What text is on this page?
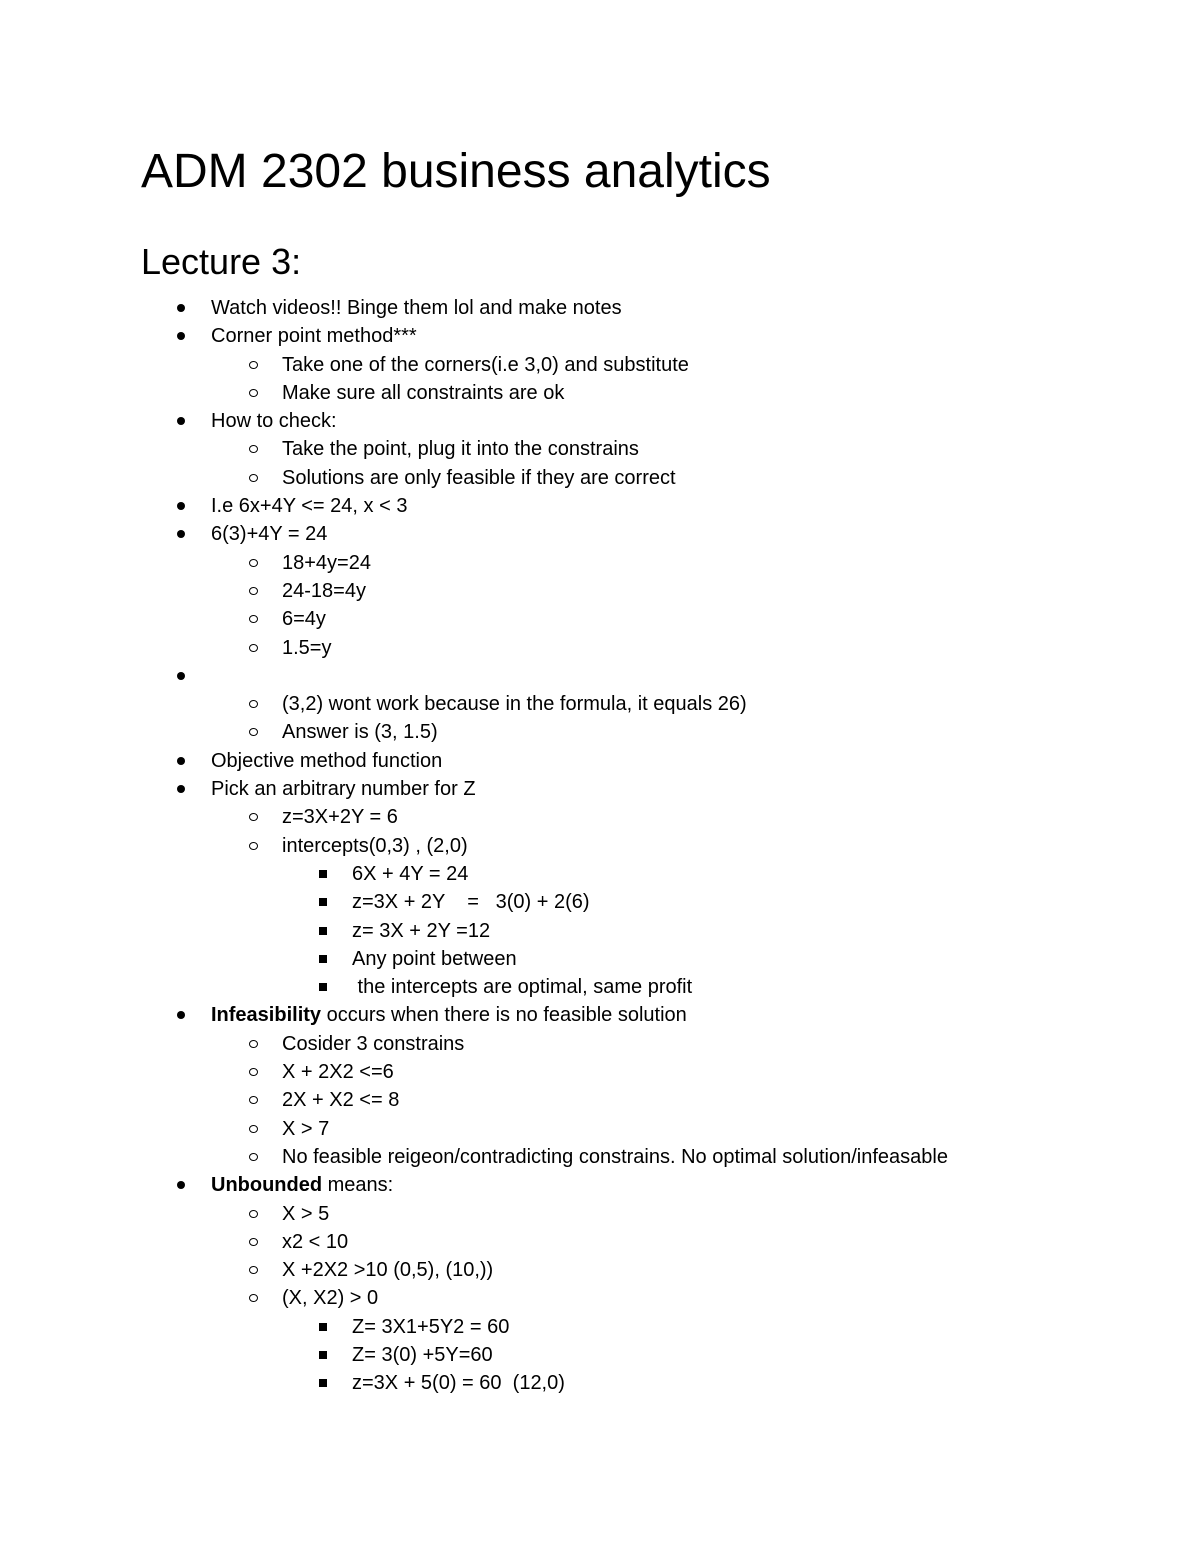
ADM 2302 business analytics
Lecture 3:
Watch videos!! Binge them lol and make notes
Corner point method***
Take one of the corners(i.e 3,0) and substitute
Make sure all constraints are ok
How to check:
Take the point, plug it into the constrains
Solutions are only feasible if they are correct
I.e 6x+4Y <= 24, x < 3
6(3)+4Y = 24
18+4y=24
24-18=4y
6=4y
1.5=y
(3,2) wont work because in the formula, it equals 26)
Answer is (3, 1.5)
Objective method function
Pick an arbitrary number for Z
z=3X+2Y = 6
intercepts(0,3) , (2,0)
6X + 4Y = 24
z=3X + 2Y    =   3(0) + 2(6)
z= 3X + 2Y =12
Any point between
the intercepts are optimal, same profit
Infeasibility occurs when there is no feasible solution
Cosider 3 constrains
X + 2X2 <=6
2X + X2 <= 8
X > 7
No feasible reigeon/contradicting constrains. No optimal solution/infeasable
Unbounded means:
X > 5
x2 < 10
X +2X2 >10 (0,5), (10,))
(X, X2) > 0
Z= 3X1+5Y2 = 60
Z= 3(0) +5Y=60
z=3X + 5(0) = 60  (12,0)
